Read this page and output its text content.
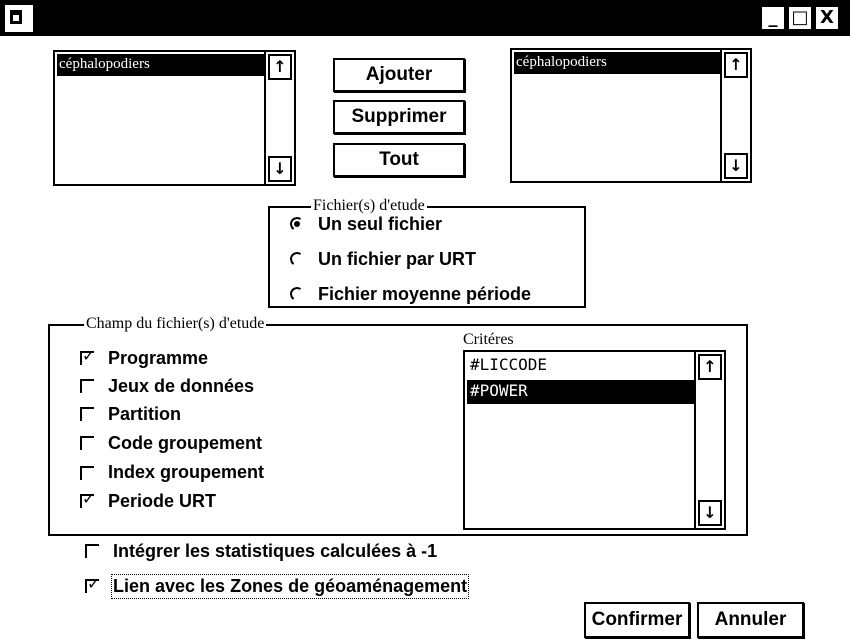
_ □ X
céphalopodiers	↑
↓
Ajouter
Supprimer
Tout
céphalopodiers	↑
↓
Fichier(s) d'etude
Un seul fichier
Un fichier par URT
Fichier moyenne période
Champ du fichier(s) d'etude
✓
Programme
Jeux de données
Partition
Code groupement
Index groupement
✓
Periode URT
Critéres
#LICCODE
#POWER
↑
↓
Intégrer les statistiques calculées à -1
✓
Lien avec les Zones de géoaménagement
Confirmer	Annuler
